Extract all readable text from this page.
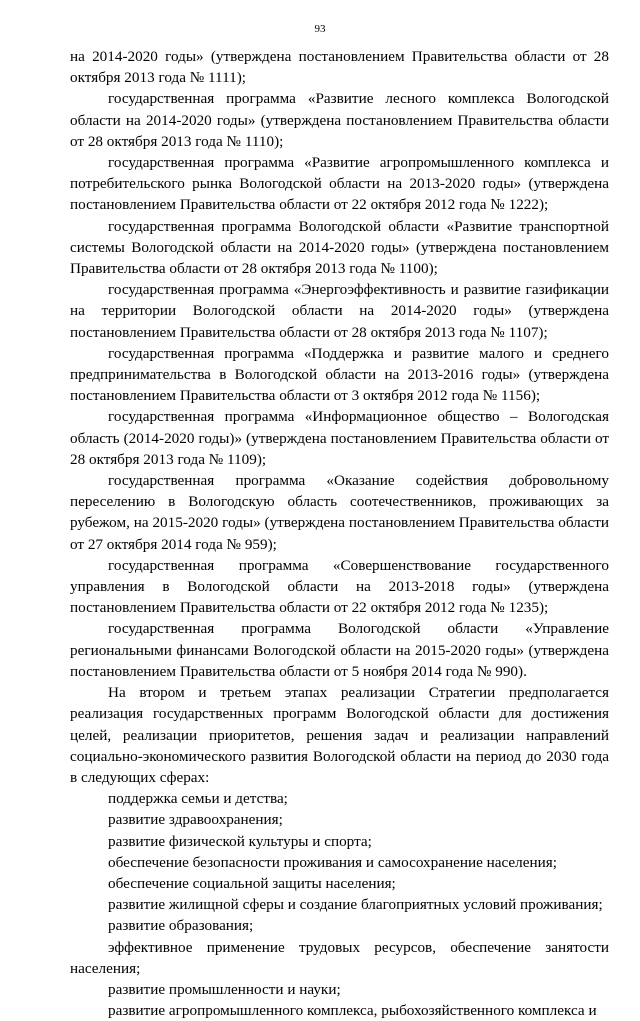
93

на 2014-2020 годы» (утверждена постановлением Правительства области от 28 октября 2013 года № 1111);

государственная программа «Развитие лесного комплекса Вологодской области на 2014-2020 годы» (утверждена постановлением Правительства области от 28 октября 2013 года № 1110);

государственная программа «Развитие агропромышленного комплекса и потребительского рынка Вологодской области на 2013-2020 годы» (утверждена постановлением Правительства области от 22 октября 2012 года № 1222);

государственная программа Вологодской области «Развитие транспортной системы Вологодской области на 2014-2020 годы» (утверждена постановлением Правительства области от 28 октября 2013 года № 1100);

государственная программа «Энергоэффективность и развитие газификации на территории Вологодской области на 2014-2020 годы» (утверждена постановлением Правительства области от 28 октября 2013 года № 1107);

государственная программа «Поддержка и развитие малого и среднего предпринимательства в Вологодской области на 2013-2016 годы» (утверждена постановлением Правительства области от 3 октября 2012 года № 1156);

государственная программа «Информационное общество – Вологодская область (2014-2020 годы)» (утверждена постановлением Правительства области от 28 октября 2013 года № 1109);

государственная программа «Оказание содействия добровольному переселению в Вологодскую область соотечественников, проживающих за рубежом, на 2015-2020 годы» (утверждена постановлением Правительства области от 27 октября 2014 года № 959);

государственная программа «Совершенствование государственного управления в Вологодской области на 2013-2018 годы» (утверждена постановлением Правительства области от 22 октября 2012 года № 1235);

государственная программа Вологодской области «Управление региональными финансами Вологодской области на 2015-2020 годы» (утверждена постановлением Правительства области от 5 ноября 2014 года № 990).

На втором и третьем этапах реализации Стратегии предполагается реализация государственных программ Вологодской области для достижения целей, реализации приоритетов, решения задач и реализации направлений социально-экономического развития Вологодской области на период до 2030 года в следующих сферах:

поддержка семьи и детства;

развитие здравоохранения;

развитие физической культуры и спорта;

обеспечение безопасности проживания и самосохранение населения;

обеспечение социальной защиты населения;

развитие жилищной сферы и создание благоприятных условий проживания;

развитие образования;

эффективное применение трудовых ресурсов, обеспечение занятости населения;

развитие промышленности и науки;

развитие агропромышленного комплекса, рыбохозяйственного комплекса и
